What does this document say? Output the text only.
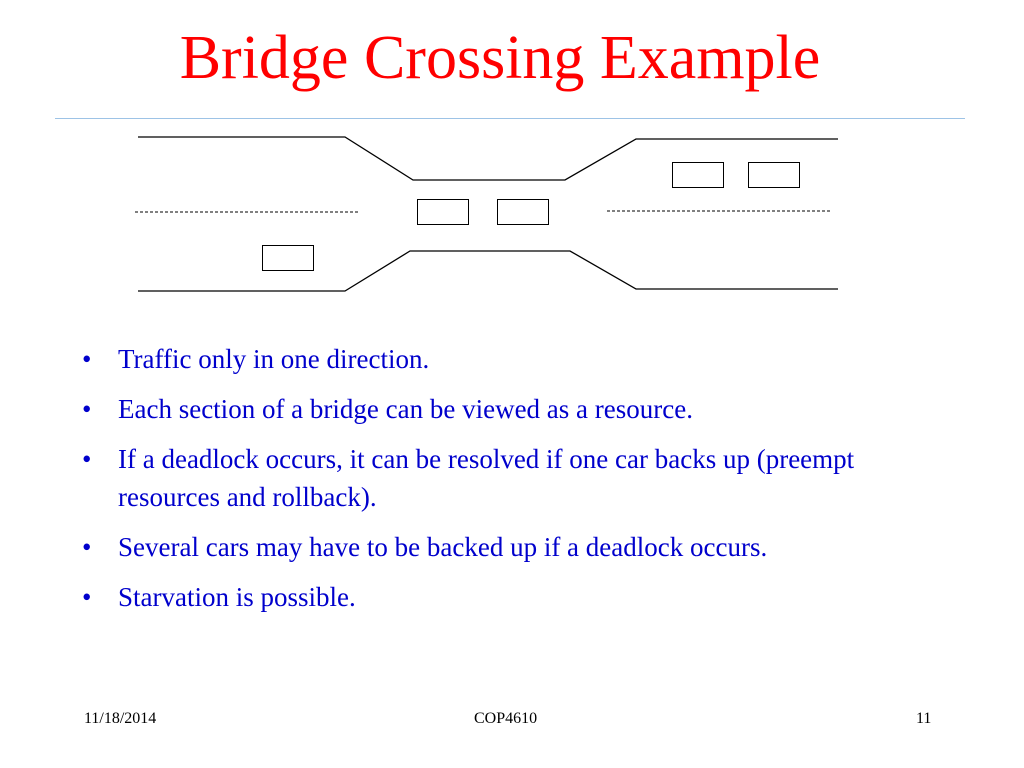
Bridge Crossing Example
• Traffic only in one direction.
• Each section of a bridge can be viewed as a resource.
• If a deadlock occurs, it can be resolved if one car backs up (preempt resources and rollback).
• Several cars may have to be backed up if a deadlock occurs.
• Starvation is possible.
11/18/2014	COP4610	11
